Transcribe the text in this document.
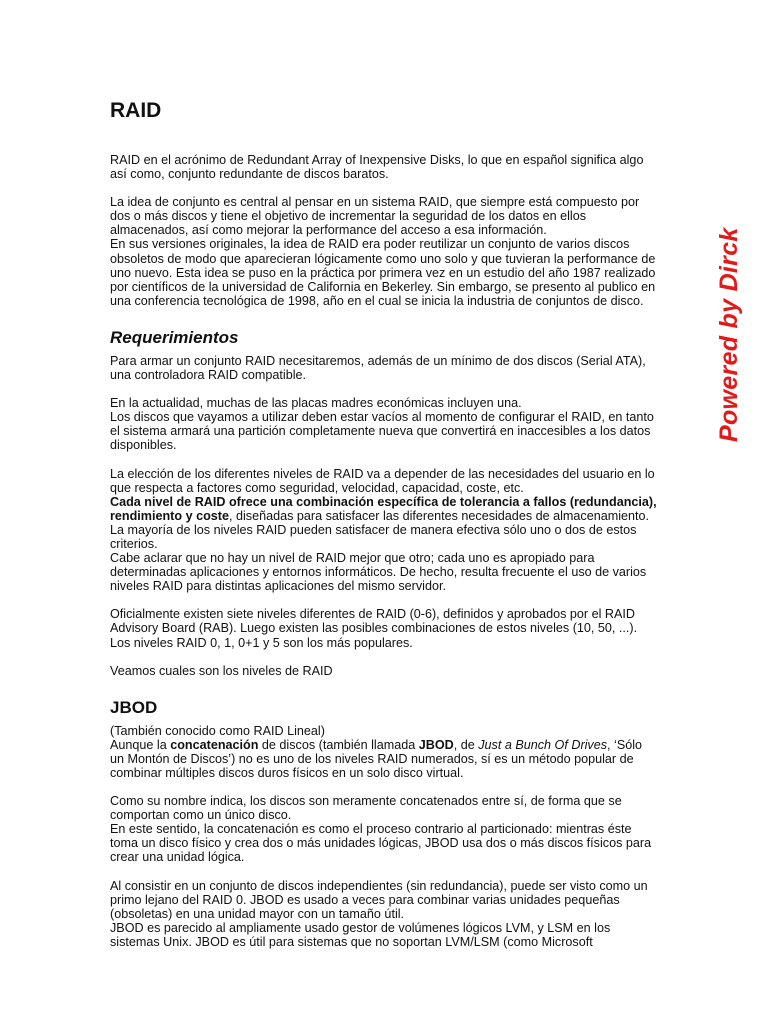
RAID

RAID en el acrónimo de Redundant Array of Inexpensive Disks, lo que en español significa algo así como, conjunto redundante de discos baratos.

La idea de conjunto es central al pensar en un sistema RAID, que siempre está compuesto por dos o más discos y tiene el objetivo de incrementar la seguridad de los datos en ellos almacenados, así como mejorar la performance del acceso a esa información.

En sus versiones originales, la idea de RAID era poder reutilizar un conjunto de varios discos obsoletos de modo que aparecieran lógicamente como uno solo y que tuvieran la performance de uno nuevo. Esta idea se puso en la práctica por primera vez en un estudio del año 1987 realizado por científicos de la universidad de California en Bekerley. Sin embargo, se presento al publico en una conferencia tecnológica de 1998, año en el cual se inicia la industria de conjuntos de disco.

Requerimientos

Para armar un conjunto RAID necesitaremos, además de un mínimo de dos discos (Serial ATA), una controladora RAID compatible.

En la actualidad, muchas de las placas madres económicas incluyen una.

Los discos que vayamos a utilizar deben estar vacíos al momento de configurar el RAID, en tanto el sistema armará una partición completamente nueva que convertirá en inaccesibles a los datos disponibles.

La elección de los diferentes niveles de RAID va a depender de las necesidades del usuario en lo que respecta a factores como seguridad, velocidad, capacidad, coste, etc.

Cada nivel de RAID ofrece una combinación específica de tolerancia a fallos (redundancia), rendimiento y coste, diseñadas para satisfacer las diferentes necesidades de almacenamiento. La mayoría de los niveles RAID pueden satisfacer de manera efectiva sólo uno o dos de estos criterios.

Cabe aclarar que no hay un nivel de RAID mejor que otro; cada uno es apropiado para determinadas aplicaciones y entornos informáticos. De hecho, resulta frecuente el uso de varios niveles RAID para distintas aplicaciones del mismo servidor.

Oficialmente existen siete niveles diferentes de RAID (0-6), definidos y aprobados por el RAID Advisory Board (RAB). Luego existen las posibles combinaciones de estos niveles (10, 50, ...). Los niveles RAID 0, 1, 0+1 y 5 son los más populares.

Veamos cuales son los niveles de RAID

JBOD

(También conocido como RAID Lineal)

Aunque la concatenación de discos (también llamada JBOD, de Just a Bunch Of Drives, ‘Sólo un Montón de Discos’) no es uno de los niveles RAID numerados, sí es un método popular de combinar múltiples discos duros físicos en un solo disco virtual.

Como su nombre indica, los discos son meramente concatenados entre sí, de forma que se comportan como un único disco.

En este sentido, la concatenación es como el proceso contrario al particionado: mientras éste toma un disco físico y crea dos o más unidades lógicas, JBOD usa dos o más discos físicos para crear una unidad lógica.

Al consistir en un conjunto de discos independientes (sin redundancia), puede ser visto como un primo lejano del RAID 0. JBOD es usado a veces para combinar varias unidades pequeñas (obsoletas) en una unidad mayor con un tamaño útil.

JBOD es parecido al ampliamente usado gestor de volúmenes lógicos LVM, y LSM en los sistemas Unix. JBOD es útil para sistemas que no soportan LVM/LSM (como Microsoft

Powered by Dirck
